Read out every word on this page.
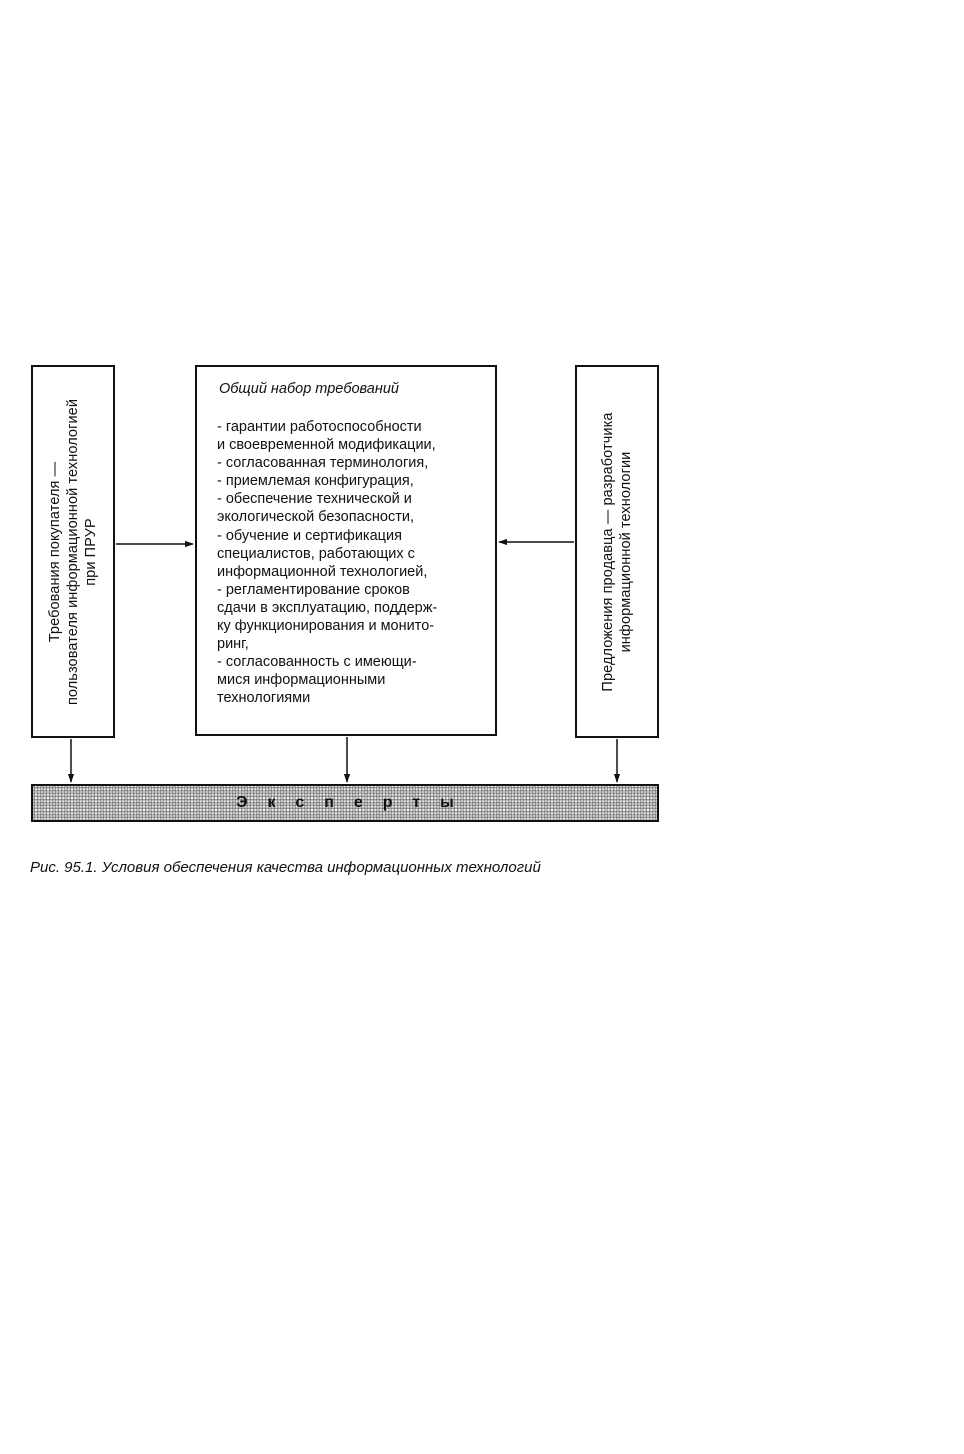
Требования покупателя — пользователя информационной технологией при ПРУР
Общий набор требований
- гарантии работоспособности
и своевременной модификации,
- согласованная терминология,
- приемлемая конфигурация,
- обеспечение технической и
экологической безопасности,
- обучение и сертификация
специалистов, работающих с
информационной технологией,
- регламентирование сроков
сдачи в эксплуатацию, поддерж-
ку функционирования и монито-
ринг,
- согласованность с имеющи-
мися информационными
технологиями
Предложения продавца — разработчика информационной технологии
Эксперты
Рис. 95.1. Условия обеспечения качества информационных технологий
